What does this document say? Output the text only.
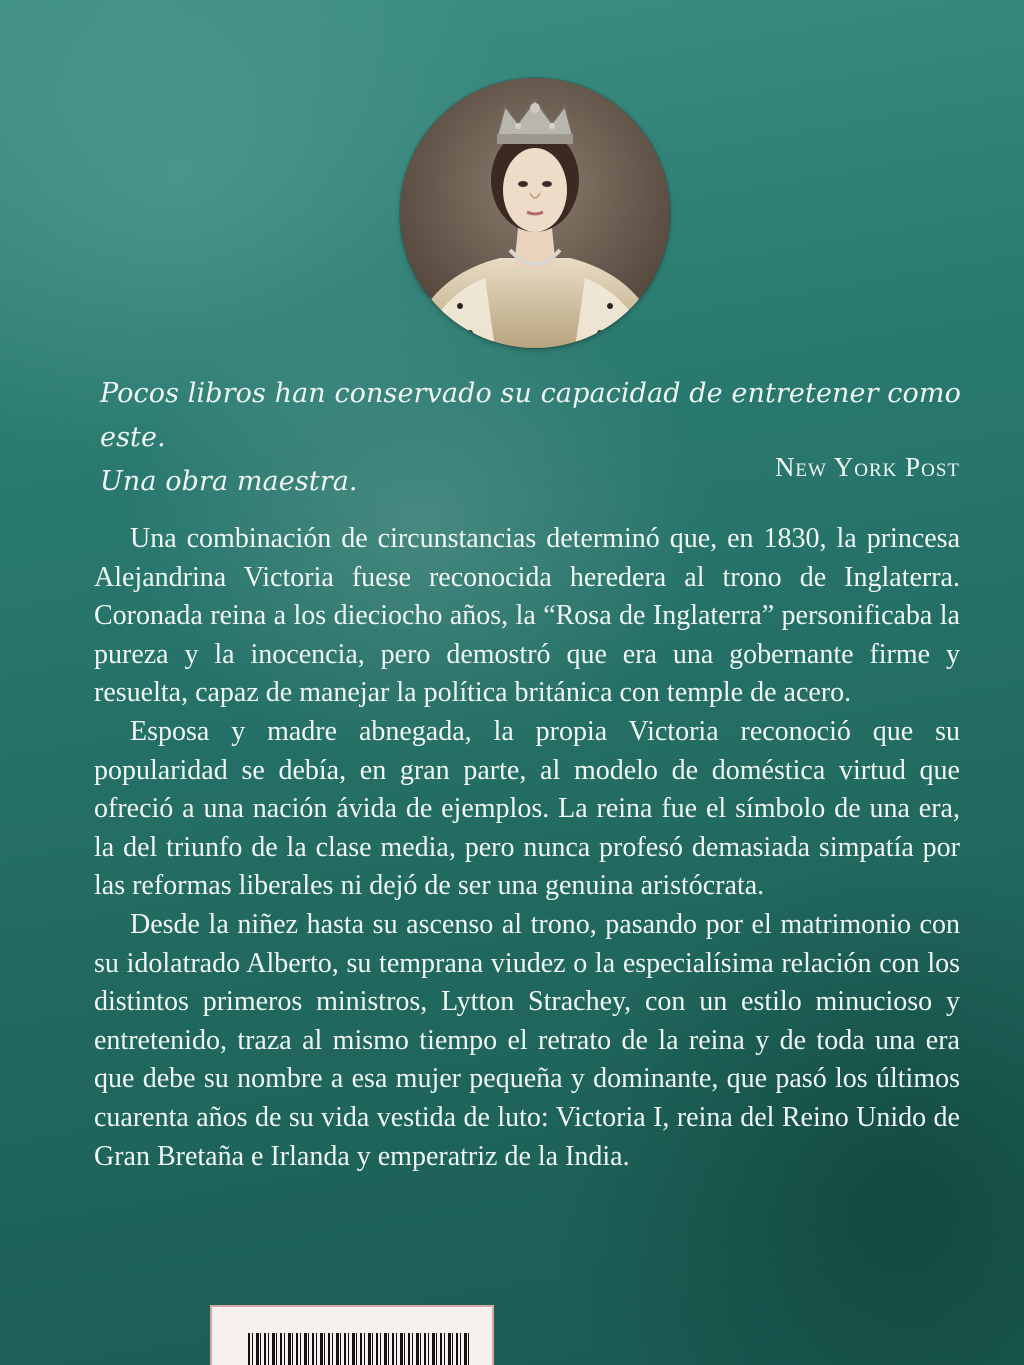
Pocos libros han conservado su capacidad de entretener como este.
Una obra maestra.	New York Post

Una combinación de circunstancias determinó que, en 1830, la princesa Alejandrina Victoria fuese reconocida heredera al trono de Inglaterra. Coronada reina a los dieciocho años, la “Rosa de Inglaterra” personificaba la pureza y la inocencia, pero demostró que era una gobernante firme y resuelta, capaz de manejar la política británica con temple de acero.

Esposa y madre abnegada, la propia Victoria reconoció que su popularidad se debía, en gran parte, al modelo de doméstica virtud que ofreció a una nación ávida de ejemplos. La reina fue el símbolo de una era, la del triunfo de la clase media, pero nunca profesó demasiada simpatía por las reformas liberales ni dejó de ser una genuina aristócrata.

Desde la niñez hasta su ascenso al trono, pasando por el matrimonio con su idolatrado Alberto, su temprana viudez o la especialísima relación con los distintos primeros ministros, Lytton Strachey, con un estilo minucioso y entretenido, traza al mismo tiempo el retrato de la reina y de toda una era que debe su nombre a esa mujer pequeña y dominante, que pasó los últimos cuarenta años de su vida vestida de luto: Victoria I, reina del Reino Unido de Gran Bretaña e Irlanda y emperatriz de la India.
